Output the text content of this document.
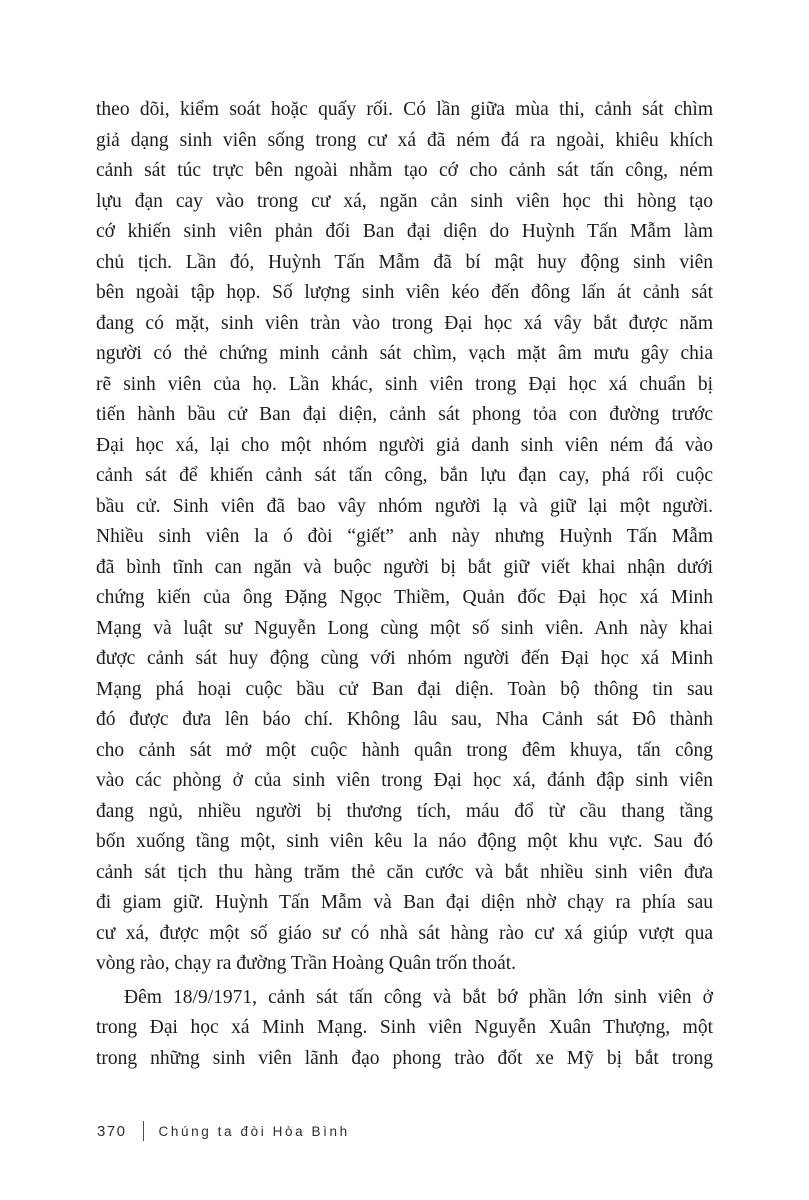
theo dõi, kiểm soát hoặc quấy rối. Có lần giữa mùa thi, cảnh sát chìm
giả dạng sinh viên sống trong cư xá đã ném đá ra ngoài, khiêu khích
cảnh sát túc trực bên ngoài nhằm tạo cớ cho cảnh sát tấn công, ném
lựu đạn cay vào trong cư xá, ngăn cản sinh viên học thi hòng tạo
cớ khiến sinh viên phản đối Ban đại diện do Huỳnh Tấn Mẫm làm
chủ tịch. Lần đó, Huỳnh Tấn Mẫm đã bí mật huy động sinh viên
bên ngoài tập họp. Số lượng sinh viên kéo đến đông lấn át cảnh sát
đang có mặt, sinh viên tràn vào trong Đại học xá vây bắt được năm
người có thẻ chứng minh cảnh sát chìm, vạch mặt âm mưu gây chia
rẽ sinh viên của họ. Lần khác, sinh viên trong Đại học xá chuẩn bị
tiến hành bầu cử Ban đại diện, cảnh sát phong tỏa con đường trước
Đại học xá, lại cho một nhóm người giả danh sinh viên ném đá vào
cảnh sát để khiến cảnh sát tấn công, bắn lựu đạn cay, phá rối cuộc
bầu cử. Sinh viên đã bao vây nhóm người lạ và giữ lại một người.
Nhiều sinh viên la ó đòi “giết” anh này nhưng Huỳnh Tấn Mẫm
đã bình tĩnh can ngăn và buộc người bị bắt giữ viết khai nhận dưới
chứng kiến của ông Đặng Ngọc Thiềm, Quản đốc Đại học xá Minh
Mạng và luật sư Nguyễn Long cùng một số sinh viên. Anh này khai
được cảnh sát huy động cùng với nhóm người đến Đại học xá Minh
Mạng phá hoại cuộc bầu cử Ban đại diện. Toàn bộ thông tin sau
đó được đưa lên báo chí. Không lâu sau, Nha Cảnh sát Đô thành
cho cảnh sát mở một cuộc hành quân trong đêm khuya, tấn công
vào các phòng ở của sinh viên trong Đại học xá, đánh đập sinh viên
đang ngủ, nhiều người bị thương tích, máu đổ từ cầu thang tầng
bốn xuống tầng một, sinh viên kêu la náo động một khu vực. Sau đó
cảnh sát tịch thu hàng trăm thẻ căn cước và bắt nhiều sinh viên đưa
đi giam giữ. Huỳnh Tấn Mẫm và Ban đại diện nhờ chạy ra phía sau
cư xá, được một số giáo sư có nhà sát hàng rào cư xá giúp vượt qua
vòng rào, chạy ra đường Trần Hoàng Quân trốn thoát.
Đêm 18/9/1971, cảnh sát tấn công và bắt bớ phần lớn sinh viên ở
trong Đại học xá Minh Mạng. Sinh viên Nguyễn Xuân Thượng, một
trong những sinh viên lãnh đạo phong trào đốt xe Mỹ bị bắt trong
370 Chúng ta đòi Hòa Bình
